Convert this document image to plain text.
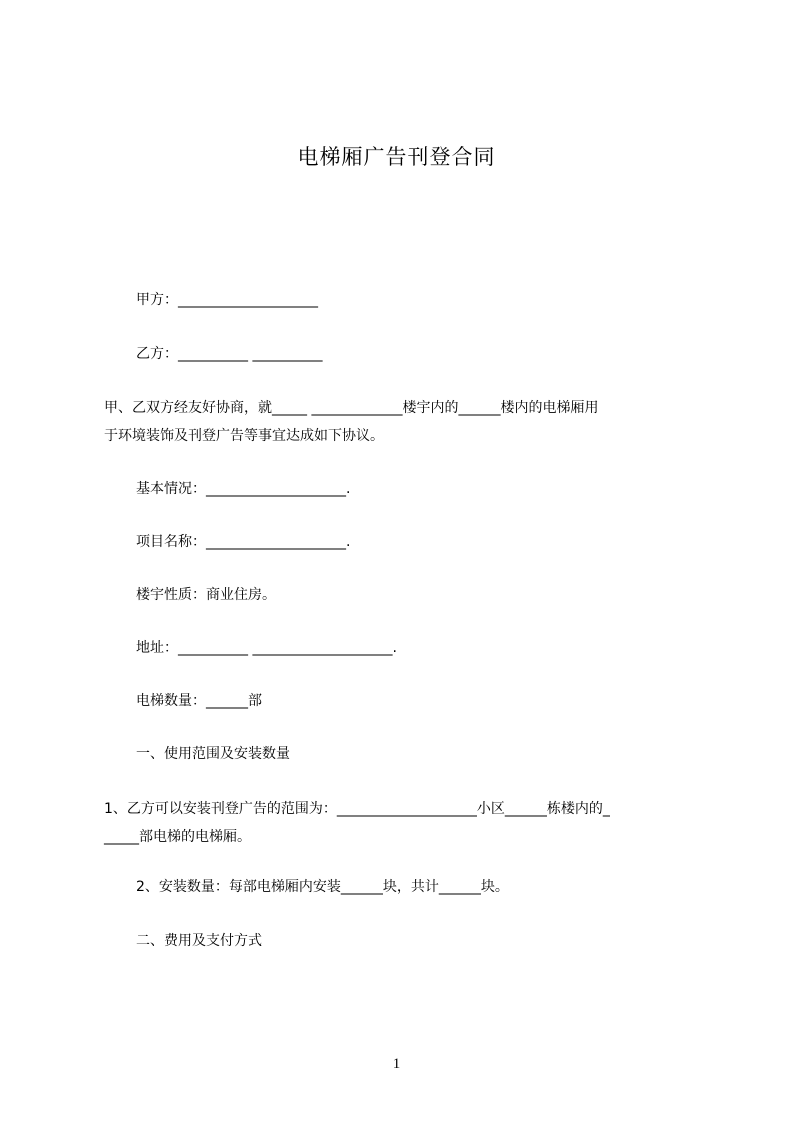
电梯厢广告刊登合同
甲方：____________________
乙方：__________ __________
甲、乙双方经友好协商，就_____ _____________楼宇内的______楼内的电梯厢用
于环境装饰及刊登广告等事宜达成如下协议。
基本情况：____________________.
项目名称：____________________.
楼宇性质：商业住房。
地址：__________ ____________________.
电梯数量：______部
一、使用范围及安装数量
1、乙方可以安装刊登广告的范围为：____________________小区______栋楼内的_
_____部电梯的电梯厢。
2、安装数量：每部电梯厢内安装______块，共计______块。
二、费用及支付方式
1
